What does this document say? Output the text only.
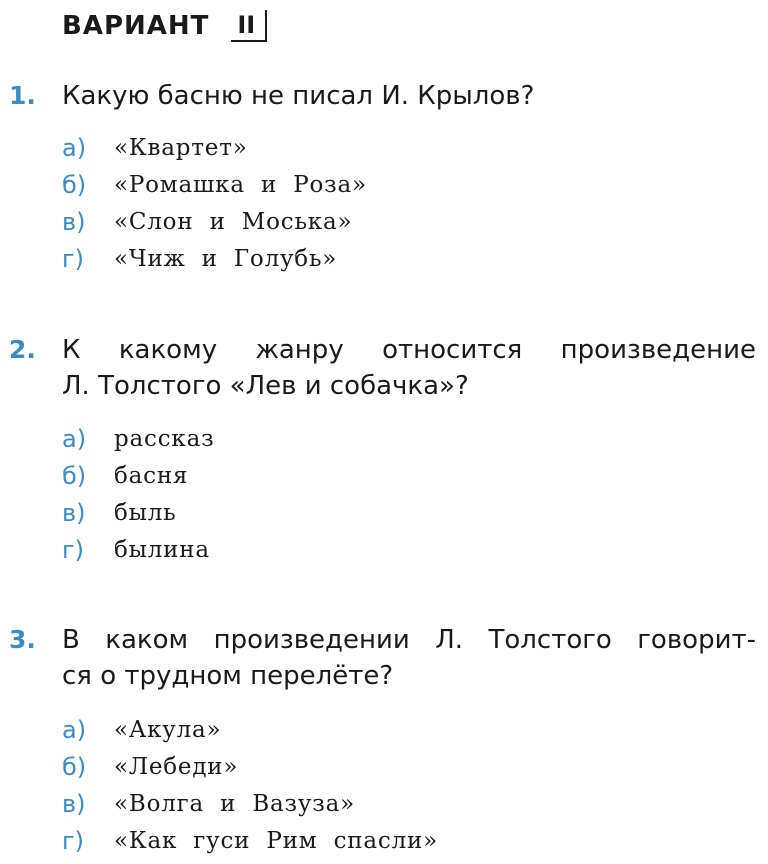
ВАРИАНТ II
1. Какую басню не писал И. Крылов?
а)	«Квартет»
б)	«Ромашка и Роза»
в)	«Слон и Моська»
г)	«Чиж и Голубь»
2. К какому жанру относится произведение
Л. Толстого «Лев и собачка»?
а)	рассказ
б)	басня
в)	быль
г)	былина
3. В каком произведении Л. Толстого говорит-
ся о трудном перелёте?
а)	«Акула»
б)	«Лебеди»
в)	«Волга и Вазуза»
г)	«Как гуси Рим спасли»
